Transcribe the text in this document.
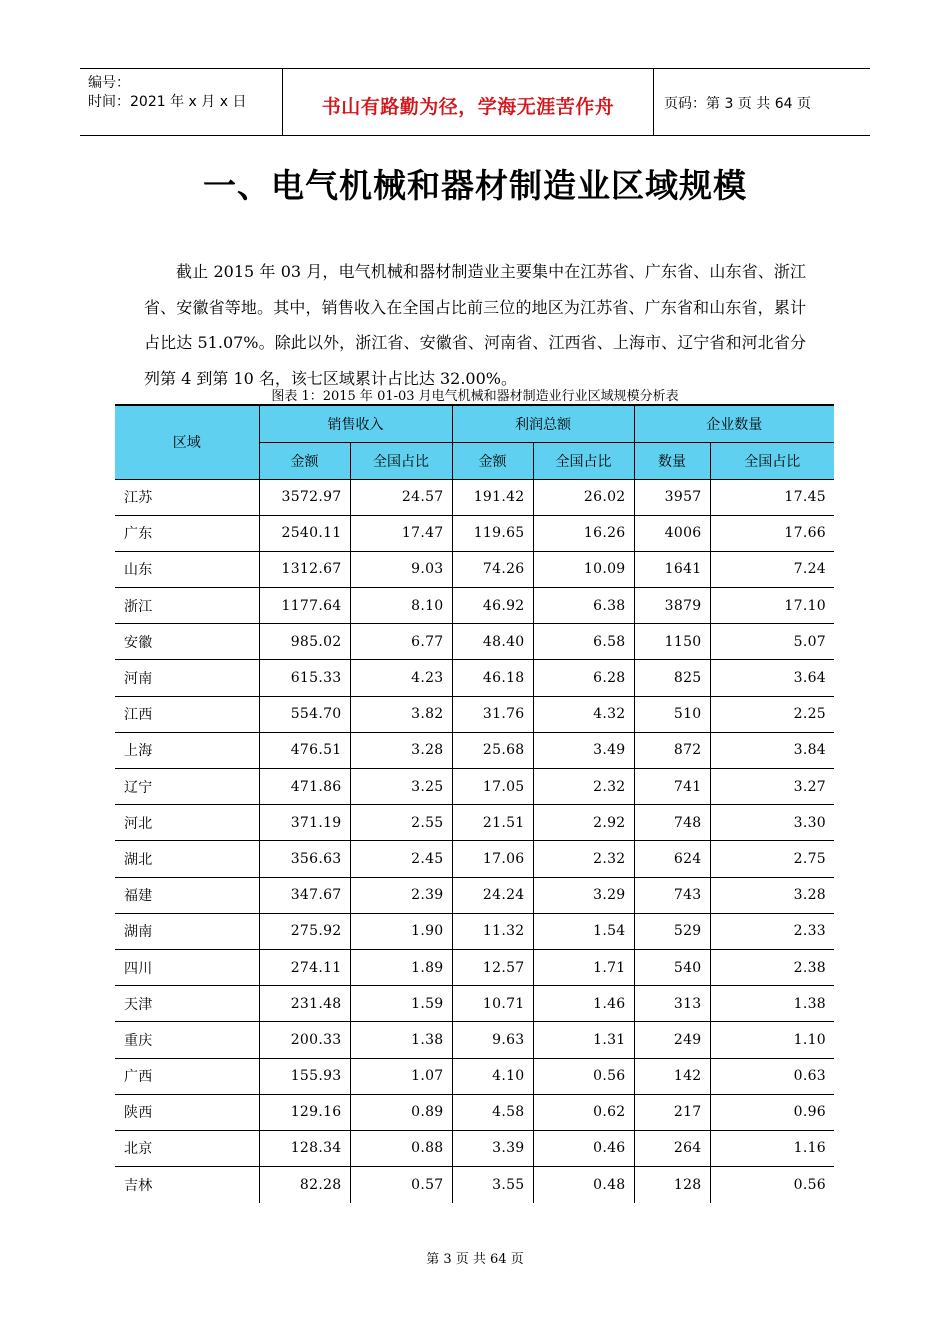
编号：
时间：2021 年 x 月 x 日	书山有路勤为径，学海无涯苦作舟	页码：第 3 页 共 64 页
一、电气机械和器材制造业区域规模
截止 2015 年 03 月，电气机械和器材制造业主要集中在江苏省、广东省、山东省、浙江省、安徽省等地。其中，销售收入在全国占比前三位的地区为江苏省、广东省和山东省，累计占比达 51.07%。除此以外，浙江省、安徽省、河南省、江西省、上海市、辽宁省和河北省分列第 4 到第 10 名，该七区域累计占比达 32.00%。
图表 1：2015 年 01-03 月电气机械和器材制造业行业区域规模分析表
区域	销售收入		利润总额		企业数量	
	金额	全国占比	金额	全国占比	数量	全国占比
江苏	3572.97	24.57	191.42	26.02	3957	17.45
广东	2540.11	17.47	119.65	16.26	4006	17.66
山东	1312.67	9.03	74.26	10.09	1641	7.24
浙江	1177.64	8.10	46.92	6.38	3879	17.10
安徽	985.02	6.77	48.40	6.58	1150	5.07
河南	615.33	4.23	46.18	6.28	825	3.64
江西	554.70	3.82	31.76	4.32	510	2.25
上海	476.51	3.28	25.68	3.49	872	3.84
辽宁	471.86	3.25	17.05	2.32	741	3.27
河北	371.19	2.55	21.51	2.92	748	3.30
湖北	356.63	2.45	17.06	2.32	624	2.75
福建	347.67	2.39	24.24	3.29	743	3.28
湖南	275.92	1.90	11.32	1.54	529	2.33
四川	274.11	1.89	12.57	1.71	540	2.38
天津	231.48	1.59	10.71	1.46	313	1.38
重庆	200.33	1.38	9.63	1.31	249	1.10
广西	155.93	1.07	4.10	0.56	142	0.63
陕西	129.16	0.89	4.58	0.62	217	0.96
北京	128.34	0.88	3.39	0.46	264	1.16
吉林	82.28	0.57	3.55	0.48	128	0.56
第 3 页 共 64 页
